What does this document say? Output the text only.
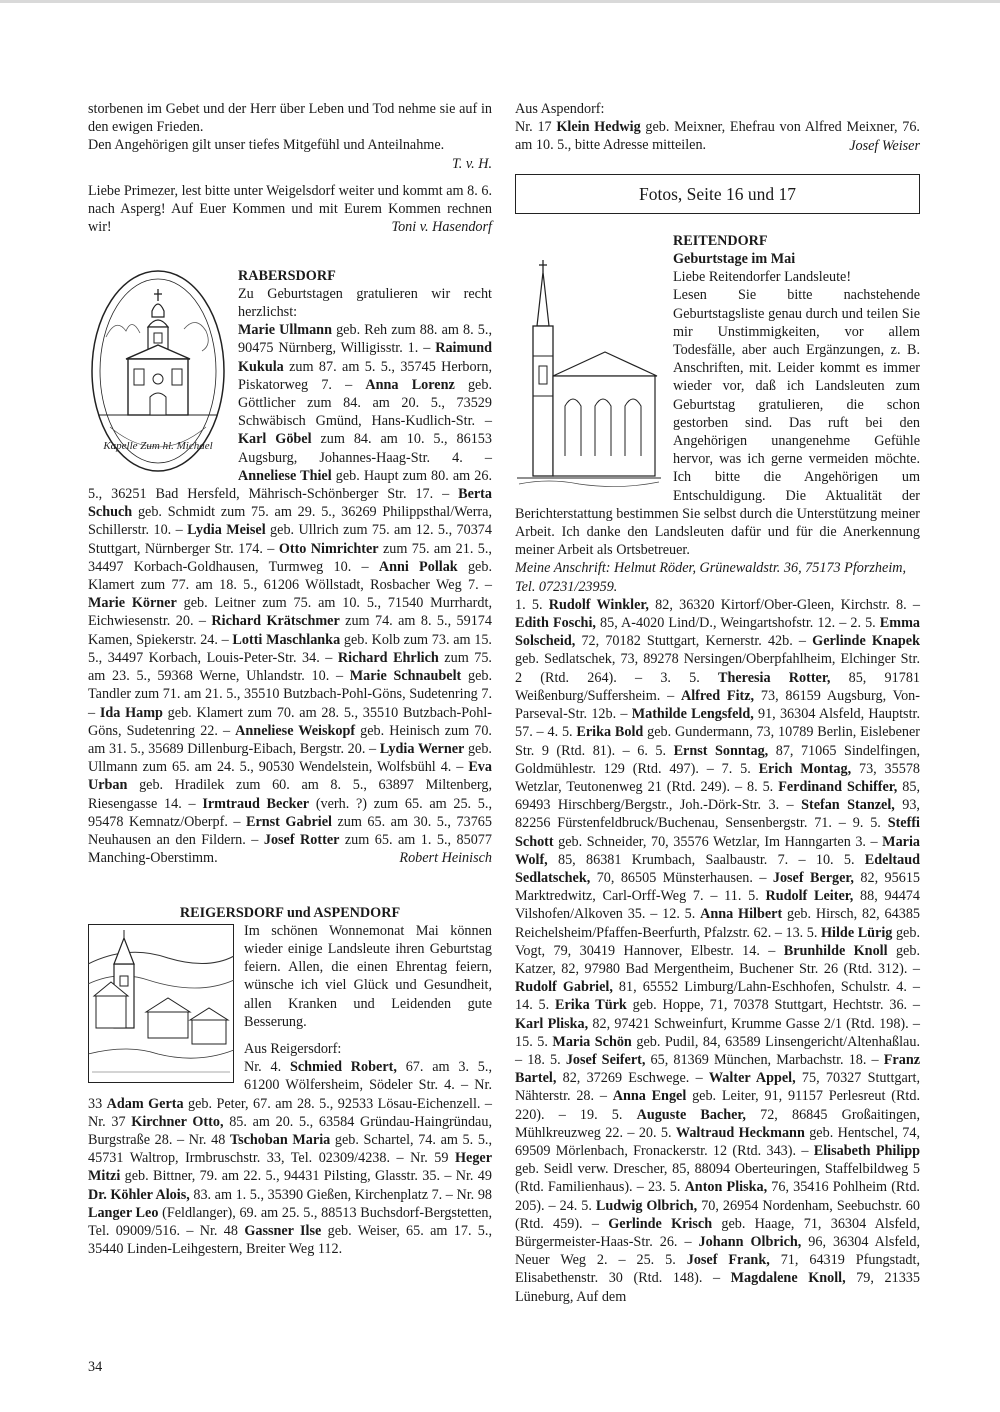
storbenen im Gebet und der Herr über Leben und Tod nehme sie auf in den ewigen Frieden.

Den Angehörigen gilt unser tiefes Mitgefühl und Anteilnahme.

T. v. H.

Liebe Primezer, lest bitte unter Weigelsdorf weiter und kommt am 8. 6. nach Asperg! Auf Euer Kommen und mit Eurem Kommen rechnen wir!	Toni v. Hasendorf

Kapelle Zum hl. Michael

RABERSDORF

Zu Geburtstagen gratulieren wir recht herzlichst:

Marie Ullmann geb. Reh zum 88. am 8. 5., 90475 Nürnberg, Willigisstr. 1. – Raimund Kukula zum 87. am 5. 5., 35745 Herborn, Piskatorweg 7. – Anna Lorenz geb. Göttlicher zum 84. am 20. 5., 73529 Schwäbisch Gmünd, Hans-Kudlich-Str. – Karl Göbel zum 84. am 10. 5., 86153 Augsburg, Johannes-Haag-Str. 4. – Anneliese Thiel geb. Haupt zum 80. am 26. 5., 36251 Bad Hersfeld, Mährisch-Schönberger Str. 17. – Berta Schuch geb. Schmidt zum 75. am 29. 5., 36269 Philippsthal/Werra, Schillerstr. 10. – Lydia Meisel geb. Ullrich zum 75. am 12. 5., 70374 Stuttgart, Nürnberger Str. 174. – Otto Nimrichter zum 75. am 21. 5., 34497 Korbach-Goldhausen, Turmweg 10. – Anni Pollak geb. Klamert zum 77. am 18. 5., 61206 Wöllstadt, Rosbacher Weg 7. – Marie Körner geb. Leitner zum 75. am 10. 5., 71540 Murrhardt, Eichwiesenstr. 20. – Richard Krätschmer zum 74. am 8. 5., 59174 Kamen, Spiekerstr. 24. – Lotti Maschlanka geb. Kolb zum 73. am 15. 5., 34497 Korbach, Louis-Peter-Str. 34. – Richard Ehrlich zum 75. am 23. 5., 59368 Werne, Uhlandstr. 10. – Marie Schnaubelt geb. Tandler zum 71. am 21. 5., 35510 Butzbach-Pohl-Göns, Sudetenring 7. – Ida Hamp geb. Klamert zum 70. am 28. 5., 35510 Butzbach-Pohl-Göns, Sudetenring 22. – Anneliese Weiskopf geb. Heinisch zum 70. am 31. 5., 35689 Dillenburg-Eibach, Bergstr. 20. – Lydia Werner geb. Ullmann zum 65. am 24. 5., 90530 Wendelstein, Wolfsbühl 4. – Eva Urban geb. Hradilek zum 60. am 8. 5., 63897 Miltenberg, Riesengasse 14. – Irmtraud Becker (verh. ?) zum 65. am 25. 5., 95478 Kemnatz/Oberpf. – Ernst Gabriel zum 65. am 30. 5., 73765 Neuhausen an den Fildern. – Josef Rotter zum 65. am 1. 5., 85077 Manching-Oberstimm.	Robert Heinisch

REIGERSDORF und ASPENDORF

Im schönen Wonnemonat Mai können wieder einige Landsleute ihren Geburtstag feiern. Allen, die einen Ehrentag feiern, wünsche ich viel Glück und Gesundheit, allen Kranken und Leidenden gute Besserung.

Aus Reigersdorf:

Nr. 4. Schmied Robert, 67. am 3. 5., 61200 Wölfersheim, Södeler Str. 4. – Nr. 33 Adam Gerta geb. Peter, 67. am 28. 5., 92533 Lösau-Eichenzell. – Nr. 37 Kirchner Otto, 85. am 20. 5., 63584 Gründau-Haingründau, Burgstraße 28. – Nr. 48 Tschoban Maria geb. Schartel, 74. am 5. 5., 45731 Waltrop, Irmbruschstr. 33, Tel. 02309/4238. – Nr. 59 Heger Mitzi geb. Bittner, 79. am 22. 5., 94431 Pilsting, Glasstr. 35. – Nr. 49 Dr. Köhler Alois, 83. am 1. 5., 35390 Gießen, Kirchenplatz 7. – Nr. 98 Langer Leo (Feldlanger), 69. am 25. 5., 88513 Buchsdorf-Bergstetten, Tel. 09009/516. – Nr. 48 Gassner Ilse geb. Weiser, 65. am 17. 5., 35440 Linden-Leihgestern, Breiter Weg 112.

Aus Aspendorf:

Nr. 17 Klein Hedwig geb. Meixner, Ehefrau von Alfred Meixner, 76. am 10. 5., bitte Adresse mitteilen.	Josef Weiser

Fotos, Seite 16 und 17

REITENDORF

Geburtstage im Mai

Liebe Reitendorfer Landsleute!

Lesen Sie bitte nachstehende Geburtstagsliste genau durch und teilen Sie mir Unstimmigkeiten, vor allem Todesfälle, aber auch Ergänzungen, z. B. Anschriften, mit. Leider kommt es immer wieder vor, daß ich Landsleuten zum Geburtstag gratulieren, die schon gestorben sind. Das ruft bei den Angehörigen unangenehme Gefühle hervor, was ich gerne vermeiden möchte. Ich bitte die Angehörigen um Entschuldigung. Die Aktualität der Berichterstattung bestimmen Sie selbst durch die Unterstützung meiner Arbeit. Ich danke den Landsleuten dafür und für die Anerkennung meiner Arbeit als Ortsbetreuer.

Meine Anschrift: Helmut Röder, Grünewaldstr. 36, 75173 Pforzheim, Tel. 07231/23959.

1. 5. Rudolf Winkler, 82, 36320 Kirtorf/Ober-Gleen, Kirchstr. 8. – Edith Foschi, 85, A-4020 Lind/D., Weingartshofstr. 12. – 2. 5. Emma Solscheid, 72, 70182 Stuttgart, Kernerstr. 42b. – Gerlinde Knapek geb. Sedlatschek, 73, 89278 Nersingen/Oberpfahlheim, Elchinger Str. 2 (Rtd. 264). – 3. 5. Theresia Rotter, 85, 91781 Weißenburg/Suffersheim. – Alfred Fitz, 73, 86159 Augsburg, Von-Parseval-Str. 12b. – Mathilde Lengsfeld, 91, 36304 Alsfeld, Hauptstr. 57. – 4. 5. Erika Bold geb. Gundermann, 73, 10789 Berlin, Eislebener Str. 9 (Rtd. 81). – 6. 5. Ernst Sonntag, 87, 71065 Sindelfingen, Goldmühlestr. 129 (Rtd. 497). – 7. 5. Erich Montag, 73, 35578 Wetzlar, Teutonenweg 21 (Rtd. 249). – 8. 5. Ferdinand Schiffer, 85, 69493 Hirschberg/Bergstr., Joh.-Dörk-Str. 3. – Stefan Stanzel, 93, 82256 Fürstenfeldbruck/Buchenau, Sensenbergstr. 71. – 9. 5. Steffi Schott geb. Schneider, 70, 35576 Wetzlar, Im Hanngarten 3. – Maria Wolf, 85, 86381 Krumbach, Saalbaustr. 7. – 10. 5. Edeltaud Sedlatschek, 70, 86505 Münsterhausen. – Josef Berger, 82, 95615 Marktredwitz, Carl-Orff-Weg 7. – 11. 5. Rudolf Leiter, 88, 94474 Vilshofen/Alkoven 35. – 12. 5. Anna Hilbert geb. Hirsch, 82, 64385 Reichelsheim/Pfaffen-Beerfurth, Pfalzstr. 62. – 13. 5. Hilde Lürig geb. Vogt, 79, 30419 Hannover, Elbestr. 14. – Brunhilde Knoll geb. Katzer, 82, 97980 Bad Mergentheim, Buchener Str. 26 (Rtd. 312). – Rudolf Gabriel, 81, 65552 Limburg/Lahn-Eschhofen, Schulstr. 4. – 14. 5. Erika Türk geb. Hoppe, 71, 70378 Stuttgart, Hechtstr. 36. – Karl Pliska, 82, 97421 Schweinfurt, Krumme Gasse 2/1 (Rtd. 198). – 15. 5. Maria Schön geb. Pudil, 84, 63589 Linsengericht/Altenhaßlau. – 18. 5. Josef Seifert, 65, 81369 München, Marbachstr. 18. – Franz Bartel, 82, 37269 Eschwege. – Walter Appel, 75, 70327 Stuttgart, Nähterstr. 28. – Anna Engel geb. Leiter, 91, 91157 Perlesreut (Rtd. 220). – 19. 5. Auguste Bacher, 72, 86845 Großaitingen, Mühlkreuzweg 22. – 20. 5. Waltraud Heckmann geb. Hentschel, 74, 69509 Mörlenbach, Fronackerstr. 12 (Rtd. 343). – Elisabeth Philipp geb. Seidl verw. Drescher, 85, 88094 Oberteuringen, Staffelbildweg 5 (Rtd. Familienhaus). – 23. 5. Anton Pliska, 76, 35416 Pohlheim (Rtd. 205). – 24. 5. Ludwig Olbrich, 70, 26954 Nordenham, Seebuchstr. 60 (Rtd. 459). – Gerlinde Krisch geb. Haage, 71, 36304 Alsfeld, Bürgermeister-Haas-Str. 26. – Johann Olbrich, 96, 36304 Alsfeld, Neuer Weg 2. – 25. 5. Josef Frank, 71, 64319 Pfungstadt, Elisabethenstr. 30 (Rtd. 148). – Magdalene Knoll, 79, 21335 Lüneburg, Auf dem

34
